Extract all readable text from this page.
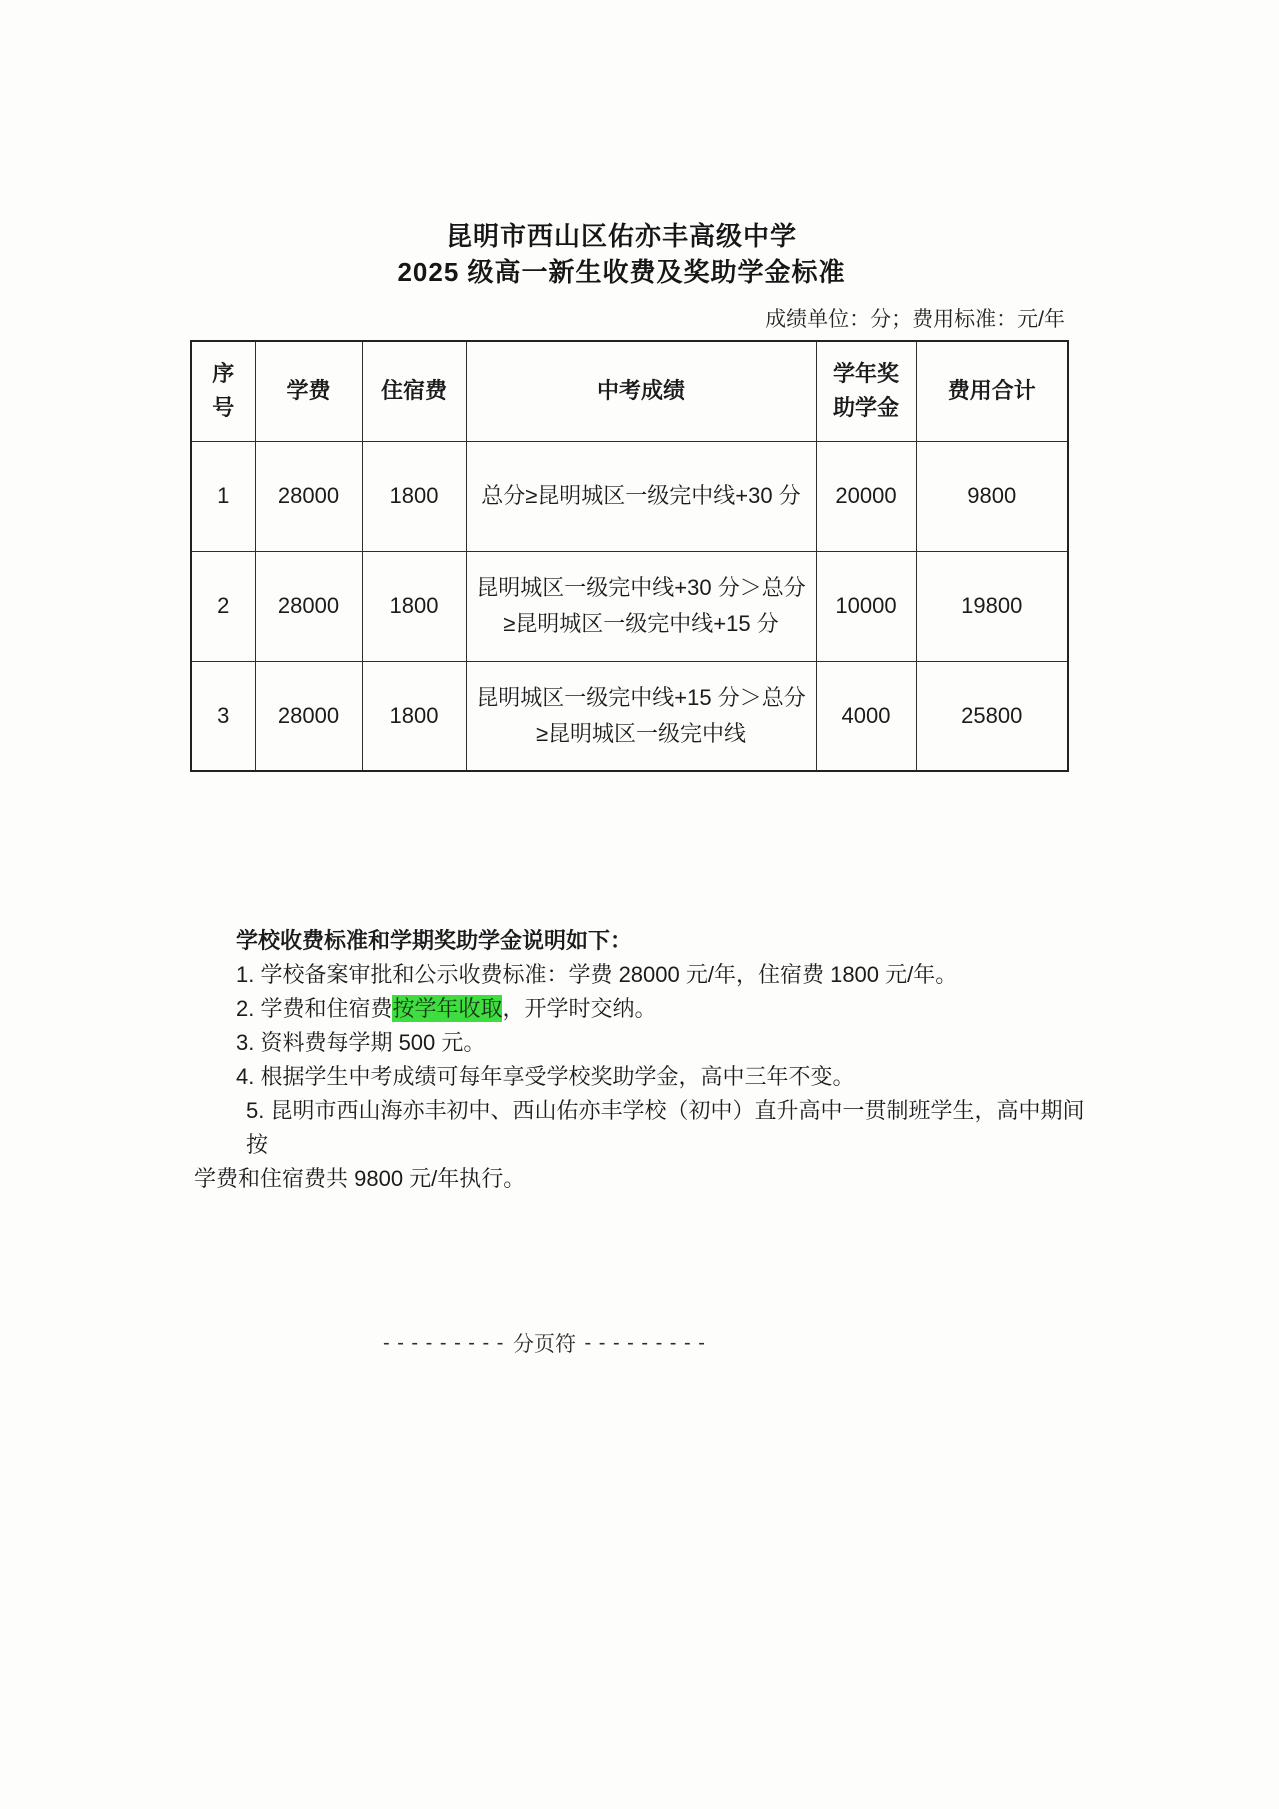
昆明市西山区佑亦丰高级中学
2025 级高一新生收费及奖助学金标准
成绩单位：分；费用标准：元/年
序号	学费	住宿费	中考成绩	学年奖助学金	费用合计
1	28000	1800	总分≥昆明城区一级完中线+30 分	20000	9800
2	28000	1800	昆明城区一级完中线+30 分＞总分
≥昆明城区一级完中线+15 分	10000	19800
3	28000	1800	昆明城区一级完中线+15 分＞总分
≥昆明城区一级完中线	4000	25800
学校收费标准和学期奖助学金说明如下：
1. 学校备案审批和公示收费标准：学费 28000 元/年，住宿费 1800 元/年。
2. 学费和住宿费按学年收取，开学时交纳。
3. 资料费每学期 500 元。
4. 根据学生中考成绩可每年享受学校奖助学金，高中三年不变。
5. 昆明市西山海亦丰初中、西山佑亦丰学校（初中）直升高中一贯制班学生，高中期间按
学费和住宿费共 9800 元/年执行。
- - - - - - - - - 分页符 - - - - - - - - -
